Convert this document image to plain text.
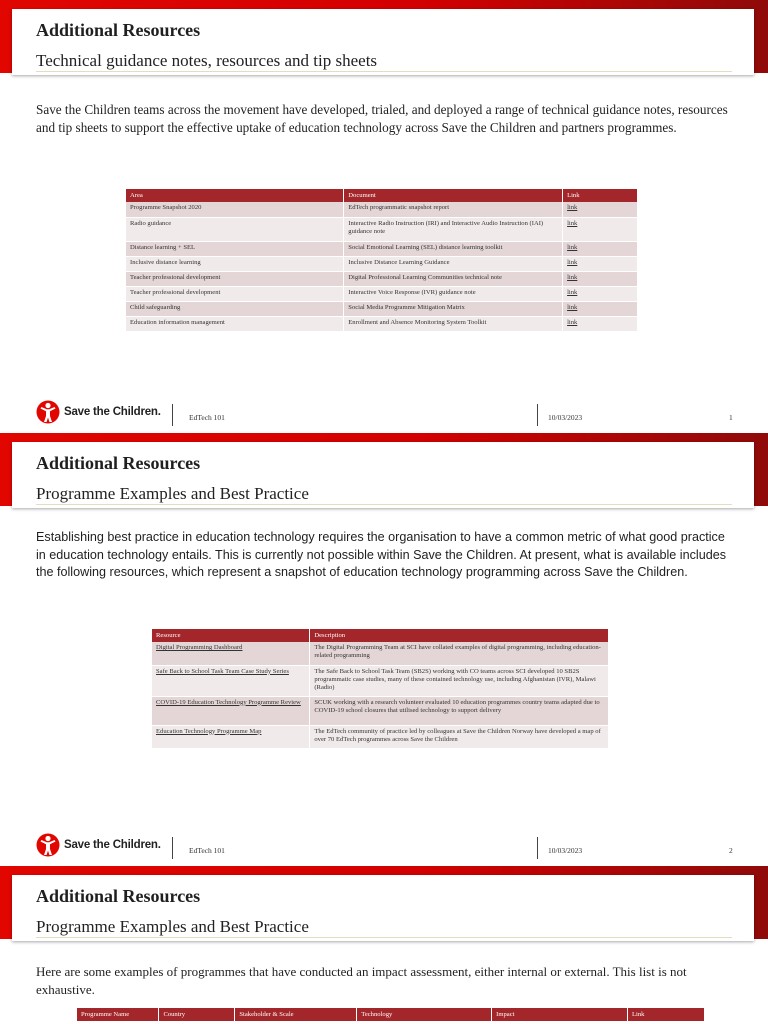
Additional Resources
Technical guidance notes, resources and tip sheets
Save the Children teams across the movement have developed, trialed, and deployed a range of technical guidance notes, resources and tip sheets to support the effective uptake of education technology across Save the Children and partners programmes.
Area	Document	Link
Programme Snapshot 2020	EdTech programmatic snapshot report	link
Radio guidance	Interactive Radio Instruction (IRI) and Interactive Audio Instruction (IAI) guidance note	link
Distance learning + SEL	Social Emotional Learning (SEL) distance learning toolkit	link
Inclusive distance learning	Inclusive Distance Learning Guidance	link
Teacher professional development	Digital Professional Learning Communities technical note	link
Teacher professional development	Interactive Voice Response (IVR) guidance note	link
Child safeguarding	Social Media Programme Mitigation Matrix	link
Education information management	Enrollment and Absence Monitoring System Toolkit	link
Save the Children.	EdTech 101	10/03/2023	1
Additional Resources
Programme Examples and Best Practice
Establishing best practice in education technology requires the organisation to have a common metric of what good practice in education technology entails. This is currently not possible within Save the Children. At present, what is available includes the following resources, which represent a snapshot of education technology programming across Save the Children.
Resource	Description
Digital Programming Dashboard	The Digital Programming Team at SCI have collated examples of digital programming, including education-related programming
Safe Back to School Task Team Case Study Series	The Safe Back to School Task Team (SB2S) working with CO teams across SCI developed 10 SB2S programmatic case studies, many of these contained technology use, including Afghanistan (IVR), Malawi (Radio)
COVID-19 Education Technology Programme Review	SCUK working with a research volunteer evaluated 10 education programmes country teams adapted due to COVID-19 school closures that utilised technology to support delivery
Education Technology Programme Map	The EdTech community of practice led by colleagues at Save the Children Norway have developed a map of over 70 EdTech programmes across Save the Children
Save the Children.	EdTech 101	10/03/2023	2
Additional Resources
Programme Examples and Best Practice
Here are some examples of programmes that have conducted an impact assessment, either internal or external. This list is not exhaustive.
Programme Name	Country	Stakeholder & Scale	Technology	Impact	Link
